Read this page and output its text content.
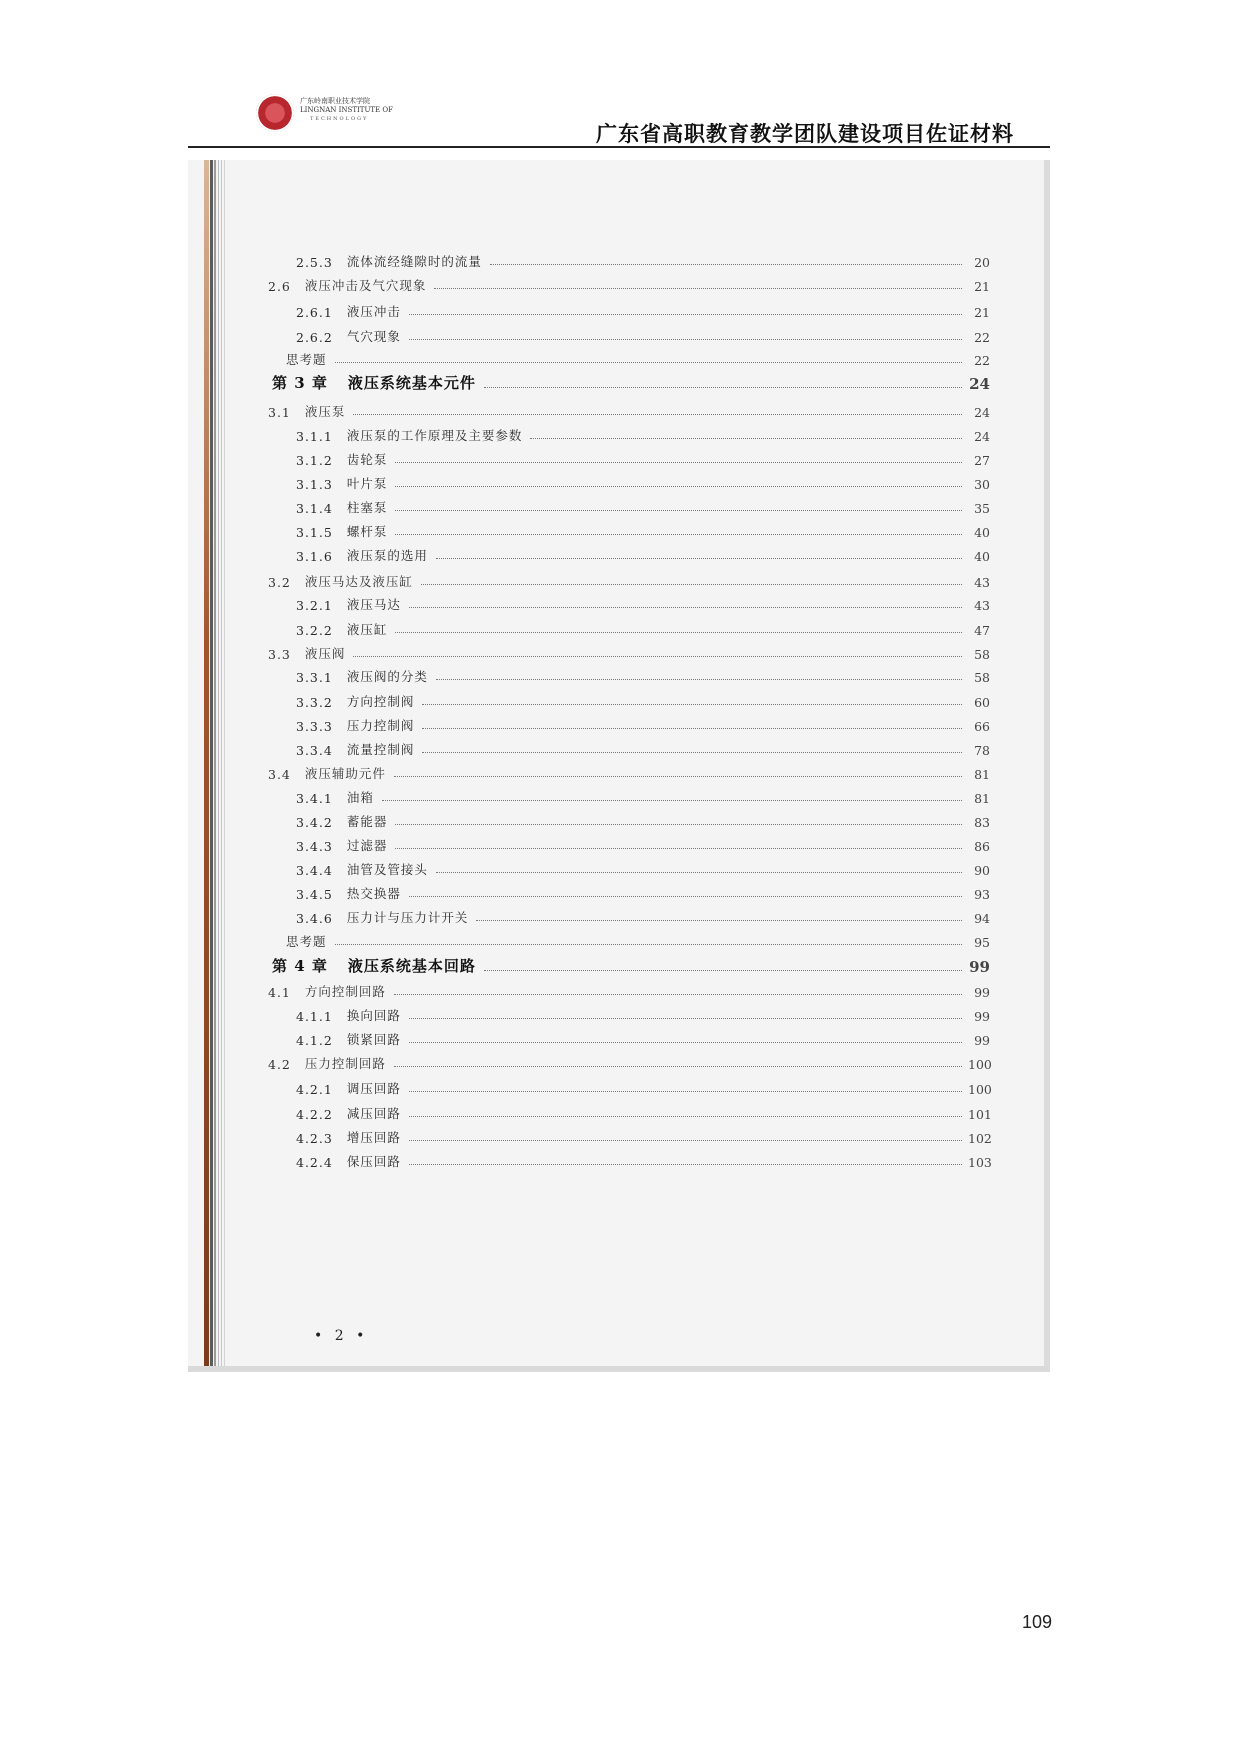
广东岭南职业技术学院
LINGNAN INSTITUTE OF
TECHNOLOGY
广东省高职教育教学团队建设项目佐证材料
2.5.3 流体流经缝隙时的流量	20
2.6 液压冲击及气穴现象	21
2.6.1 液压冲击	21
2.6.2 气穴现象	22
思考题	22
第 3 章 液压系统基本元件	24
3.1 液压泵	24
3.1.1 液压泵的工作原理及主要参数	24
3.1.2 齿轮泵	27
3.1.3 叶片泵	30
3.1.4 柱塞泵	35
3.1.5 螺杆泵	40
3.1.6 液压泵的选用	40
3.2 液压马达及液压缸	43
3.2.1 液压马达	43
3.2.2 液压缸	47
3.3 液压阀	58
3.3.1 液压阀的分类	58
3.3.2 方向控制阀	60
3.3.3 压力控制阀	66
3.3.4 流量控制阀	78
3.4 液压辅助元件	81
3.4.1 油箱	81
3.4.2 蓄能器	83
3.4.3 过滤器	86
3.4.4 油管及管接头	90
3.4.5 热交换器	93
3.4.6 压力计与压力计开关	94
思考题	95
第 4 章 液压系统基本回路	99
4.1 方向控制回路	99
4.1.1 换向回路	99
4.1.2 锁紧回路	99
4.2 压力控制回路	100
4.2.1 调压回路	100
4.2.2 减压回路	101
4.2.3 增压回路	102
4.2.4 保压回路	103
• 2 •
109
